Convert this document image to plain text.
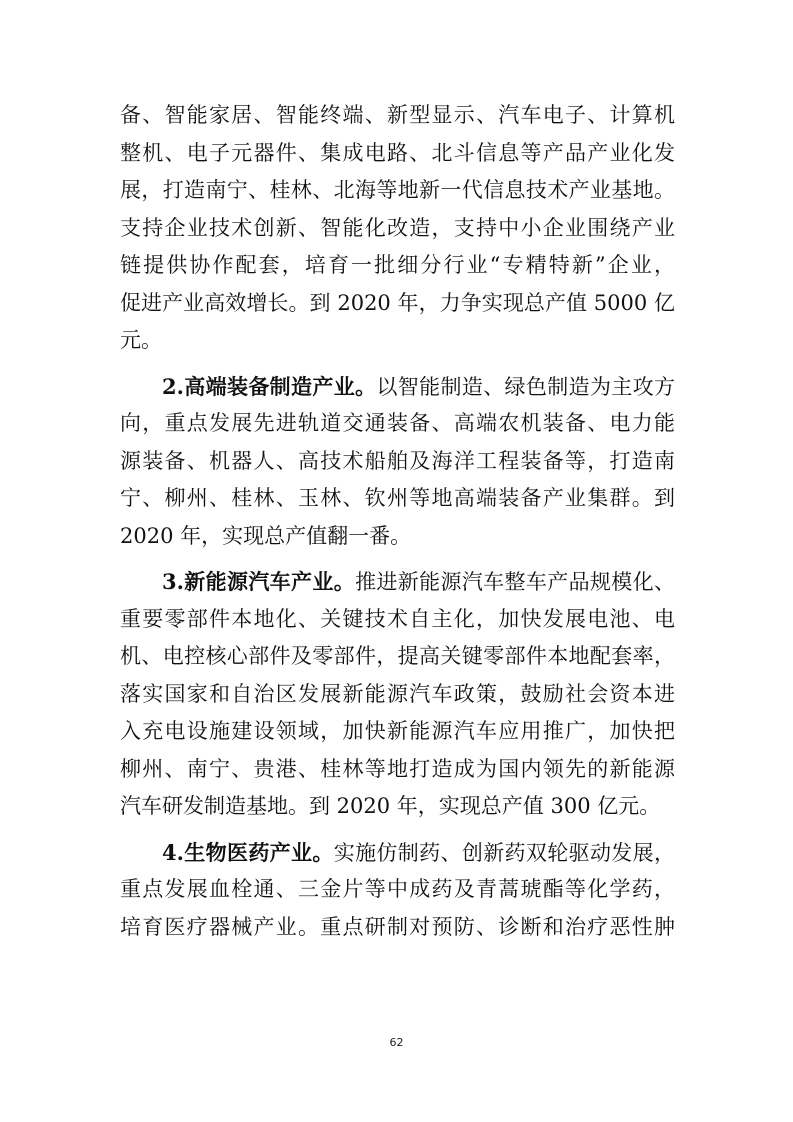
备、智能家居、智能终端、新型显示、汽车电子、计算机
整机、电子元器件、集成电路、北斗信息等产品产业化发
展，打造南宁、桂林、北海等地新一代信息技术产业基地。
支持企业技术创新、智能化改造，支持中小企业围绕产业
链提供协作配套，培育一批细分行业“专精特新”企业，
促进产业高效增长。到 2020 年，力争实现总产值 5000 亿
元。
2.高端装备制造产业。以智能制造、绿色制造为主攻方
向，重点发展先进轨道交通装备、高端农机装备、电力能
源装备、机器人、高技术船舶及海洋工程装备等，打造南
宁、柳州、桂林、玉林、钦州等地高端装备产业集群。到
2020 年，实现总产值翻一番。
3.新能源汽车产业。推进新能源汽车整车产品规模化、
重要零部件本地化、关键技术自主化，加快发展电池、电
机、电控核心部件及零部件，提高关键零部件本地配套率，
落实国家和自治区发展新能源汽车政策，鼓励社会资本进
入充电设施建设领域，加快新能源汽车应用推广，加快把
柳州、南宁、贵港、桂林等地打造成为国内领先的新能源
汽车研发制造基地。到 2020 年，实现总产值 300 亿元。
4.生物医药产业。实施仿制药、创新药双轮驱动发展，
重点发展血栓通、三金片等中成药及青蒿琥酯等化学药，
培育医疗器械产业。重点研制对预防、诊断和治疗恶性肿
62
